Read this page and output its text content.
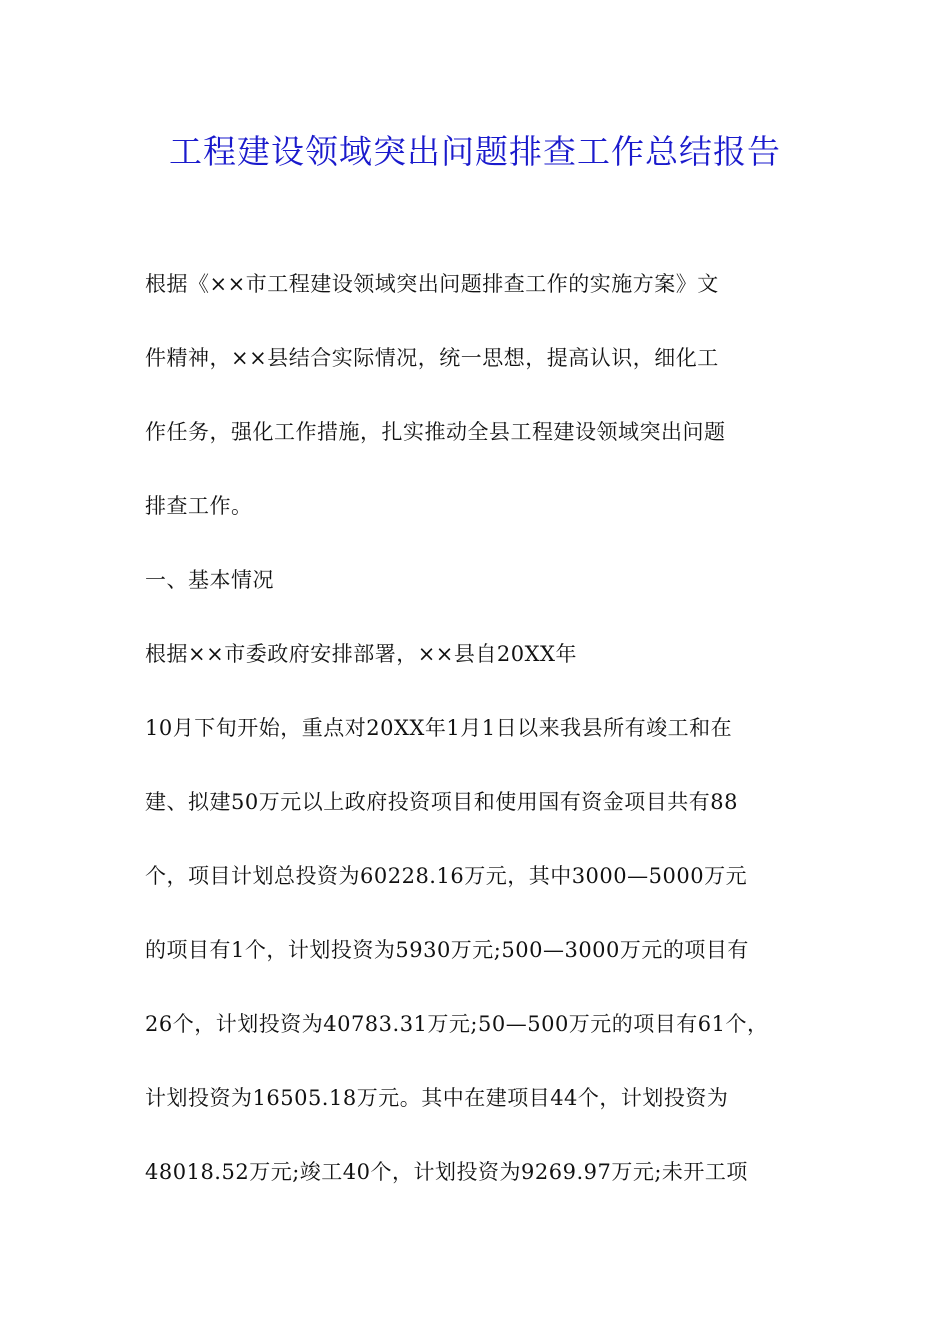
工程建设领域突出问题排查工作总结报告
根据《××市工程建设领域突出问题排查工作的实施方案》文
件精神，××县结合实际情况，统一思想，提高认识，细化工
作任务，强化工作措施，扎实推动全县工程建设领域突出问题
排查工作。
一、基本情况
根据××市委政府安排部署，××县自20XX年
10月下旬开始，重点对20XX年1月1日以来我县所有竣工和在
建、拟建50万元以上政府投资项目和使用国有资金项目共有88
个，项目计划总投资为60228.16万元，其中3000—5000万元
的项目有1个，计划投资为5930万元;500—3000万元的项目有
26个，计划投资为40783.31万元;50—500万元的项目有61个，
计划投资为16505.18万元。其中在建项目44个，计划投资为
48018.52万元;竣工40个，计划投资为9269.97万元;未开工项
